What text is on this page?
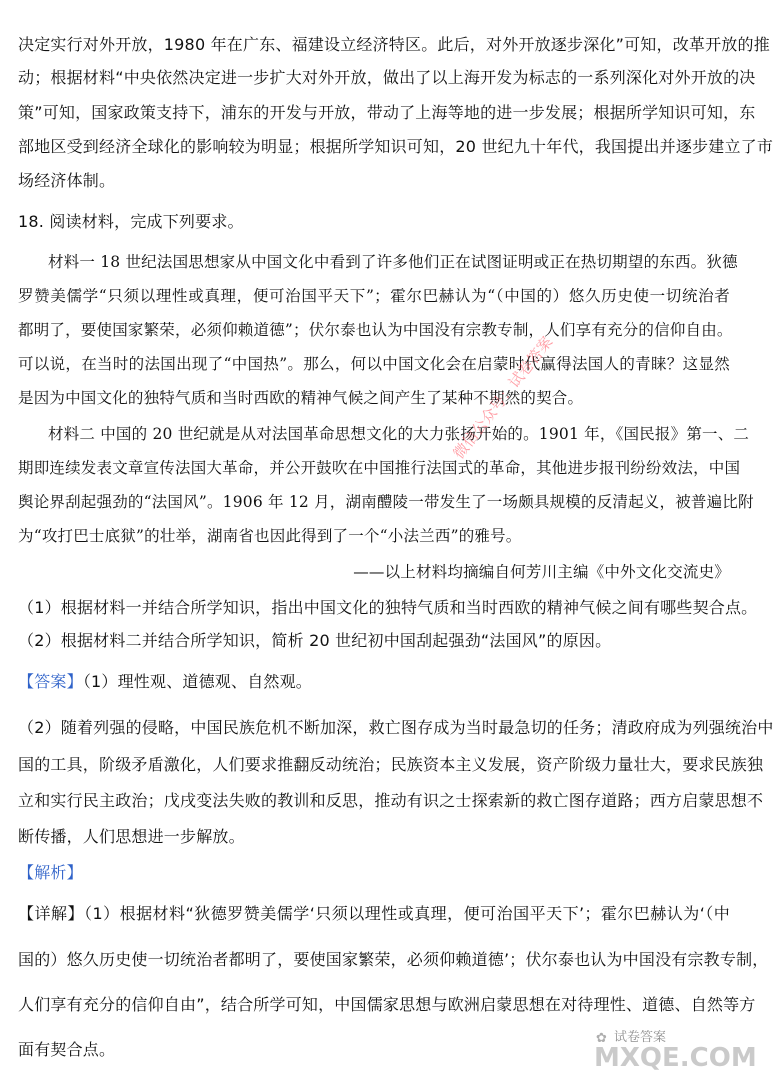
决定实行对外开放，1980 年在广东、福建设立经济特区。此后，对外开放逐步深化”可知，改革开放的推
动；根据材料“中央依然决定进一步扩大对外开放，做出了以上海开发为标志的一系列深化对外开放的决
策”可知，国家政策支持下，浦东的开发与开放，带动了上海等地的进一步发展；根据所学知识可知，东
部地区受到经济全球化的影响较为明显；根据所学知识可知，20 世纪九十年代，我国提出并逐步建立了市
场经济体制。
18. 阅读材料，完成下列要求。
材料一 18 世纪法国思想家从中国文化中看到了许多他们正在试图证明或正在热切期望的东西。狄德
罗赞美儒学“只须以理性或真理，便可治国平天下”；霍尔巴赫认为“（中国的）悠久历史使一切统治者
都明了，要使国家繁荣，必须仰赖道德”；伏尔泰也认为中国没有宗教专制，人们享有充分的信仰自由。
可以说，在当时的法国出现了“中国热”。那么，何以中国文化会在启蒙时代赢得法国人的青睐？这显然
是因为中国文化的独特气质和当时西欧的精神气候之间产生了某种不期然的契合。
材料二 中国的 20 世纪就是从对法国革命思想文化的大力张扬开始的。1901 年，《国民报》第一、二
期即连续发表文章宣传法国大革命，并公开鼓吹在中国推行法国式的革命，其他进步报刊纷纷效法，中国
舆论界刮起强劲的“法国风”。1906 年 12 月，湖南醴陵一带发生了一场颇具规模的反清起义，被普遍比附
为“攻打巴士底狱”的壮举，湖南省也因此得到了一个“小法兰西”的雅号。
——以上材料均摘编自何芳川主编《中外文化交流史》
（1）根据材料一并结合所学知识，指出中国文化的独特气质和当时西欧的精神气候之间有哪些契合点。
（2）根据材料二并结合所学知识，简析 20 世纪初中国刮起强劲“法国风”的原因。
【答案】（1）理性观、道德观、自然观。
（2）随着列强的侵略，中国民族危机不断加深，救亡图存成为当时最急切的任务；清政府成为列强统治中
国的工具，阶级矛盾激化，人们要求推翻反动统治；民族资本主义发展，资产阶级力量壮大，要求民族独
立和实行民主政治；戊戌变法失败的教训和反思，推动有识之士探索新的救亡图存道路；西方启蒙思想不
断传播，人们思想进一步解放。
【解析】
【详解】（1）根据材料“狄德罗赞美儒学‘只须以理性或真理，便可治国平天下’；霍尔巴赫认为‘（中
国的）悠久历史使一切统治者都明了，要使国家繁荣，必须仰赖道德’；伏尔泰也认为中国没有宗教专制，
人们享有充分的信仰自由”，结合所学可知，中国儒家思想与欧洲启蒙思想在对待理性、道德、自然等方
面有契合点。
微信公众号：试卷答案
✿ 试卷答案
MXQE.COM
